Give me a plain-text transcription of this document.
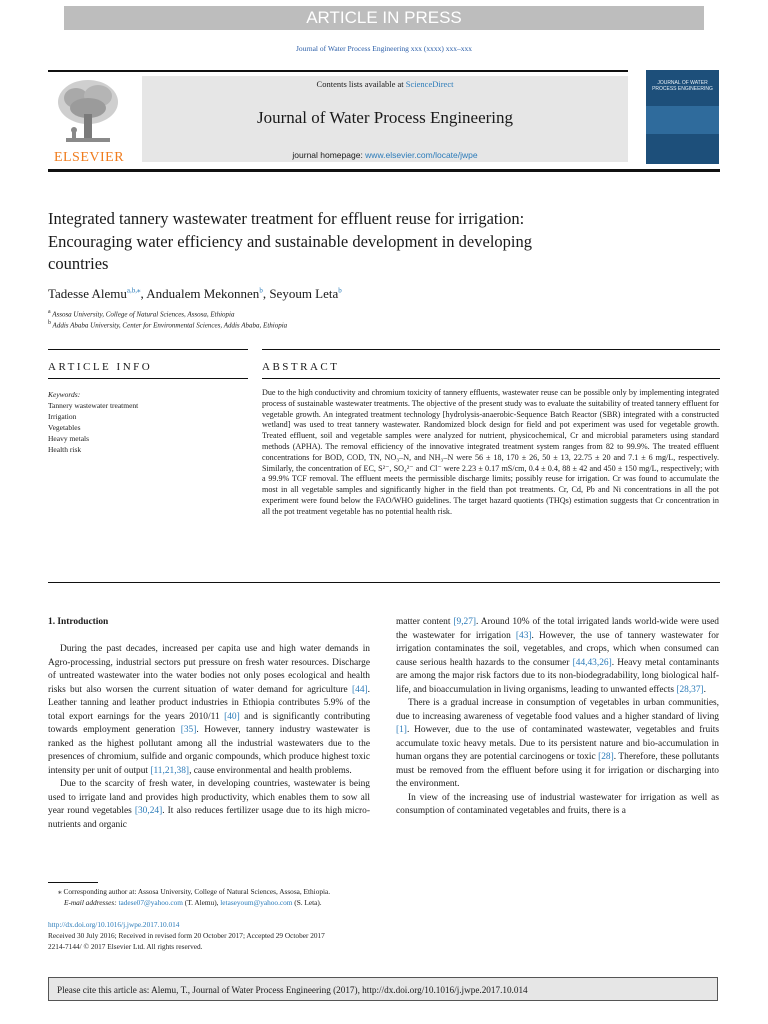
ARTICLE IN PRESS
Journal of Water Process Engineering xxx (xxxx) xxx–xxx
ELSEVIER
Contents lists available at ScienceDirect
Journal of Water Process Engineering
journal homepage: www.elsevier.com/locate/jwpe
JOURNAL OF WATER PROCESS ENGINEERING
Integrated tannery wastewater treatment for effluent reuse for irrigation:
Encouraging water efficiency and sustainable development in developing
countries
Tadesse Alemu$^{a,b,⁎}$, Andualem Mekonnen$^b$, Seyoum Leta$^b$
$^a$ Assosa University, College of Natural Sciences, Assosa, Ethiopia
$^b$ Addis Ababa University, Center for Environmental Sciences, Addis Ababa, Ethiopia
ARTICLE INFO	ABSTRACT
Keywords:
Tannery wastewater treatment
Irrigation
Vegetables
Heavy metals
Health risk

Due to the high conductivity and chromium toxicity of tannery effluents, wastewater reuse can be possible only by implementing integrated process of sustainable wastewater treatments. The objective of the present study was to evaluate the suitability of treated tannery effluent for vegetable growth. An integrated treatment technology [hydrolysis-anaerobic-Sequence Batch Reactor (SBR) integrated with a constructed wetland] was used to treat tannery wastewater. Randomized block design for field and pot experiment was used for vegetable growth. Treated effluent, soil and vegetable samples were analyzed for nutrient, physicochemical, Cr and microbial parameters using standard methods (APHA). The removal efficiency of the innovative integrated treatment system ranges from 82 to 99.9%. The treated effluent concentrations for BOD, COD, TN, NO₃–N, and NH₃–N were 56 ± 18, 170 ± 26, 50 ± 13, 22.75 ± 20 and 7.1 ± 6 mg/L, respectively. Similarly, the concentration of EC, S²⁻, SO₄²⁻ and Cl⁻ were 2.23 ± 0.17 mS/cm, 0.4 ± 0.4, 88 ± 42 and 450 ± 150 mg/L, respectively; with a 99.9% TCF removal. The effluent meets the permissible discharge limits; possibly reuse for irrigation. Cr was found to accumulate the most in all vegetable samples and significantly higher in the field than pot treatments. Cr, Cd, Pb and Ni concentrations in all the pot experiment were found below the FAO/WHO guidelines. The target hazard quotients (THQs) estimation suggests that Cr concentration in all the pot treatment vegetable has no potential health risk.

1. Introduction

During the past decades, increased per capita use and high water demands in Agro-processing, industrial sectors put pressure on fresh water resources. Discharge of untreated wastewater into the water bodies not only poses ecological and health risks but also worsen the current situation of water demand for agriculture [44]. Leather tanning and leather product industries in Ethiopia contributes 5.9% of the total export earnings for the years 2010/11 [40] and is significantly contributing towards employment generation [35]. However, tannery industry wastewater is ranked as the highest pollutant among all the industrial wastewaters due to the presences of chromium, sulfide and organic compounds, which produce highest toxic intensity per unit of output [11,21,38], cause environmental and health problems.

Due to the scarcity of fresh water, in developing countries, wastewater is being used to irrigate land and provides high productivity, which enables them to sow all year round vegetables [30,24]. It also reduces fertilizer usage due to its high micro-nutrients and organic

matter content [9,27]. Around 10% of the total irrigated lands world-wide were used the wastewater for irrigation [43]. However, the use of tannery wastewater for irrigation contaminates the soil, vegetables, and crops, which when consumed can cause serious health hazards to the consumer [44,43,26]. Heavy metal contaminants are among the major risk factors due to its non-biodegradability, long biological half-life, and bioaccumulation in living organisms, leading to unwanted effects [28,37].

There is a gradual increase in consumption of vegetables in urban communities, due to increasing awareness of vegetable food values and a higher standard of living [1]. However, due to the use of contaminated wastewater, vegetables and fruits accumulate toxic heavy metals. Due to its persistent nature and bio-accumulation in human organs they are potential carcinogens or toxic [28]. Therefore, these pollutants must be removed from the effluent before using it for irrigation or discharging into the environment.

In view of the increasing use of industrial wastewater for irrigation as well as consumption of contaminated vegetables and fruits, there is a

⁎ Corresponding author at: Assosa University, College of Natural Sciences, Assosa, Ethiopia.
E-mail addresses: tadese07@yahoo.com (T. Alemu), letaseyoum@yahoo.com (S. Leta).
http://dx.doi.org/10.1016/j.jwpe.2017.10.014
Received 30 July 2016; Received in revised form 20 October 2017; Accepted 29 October 2017
2214-7144/ © 2017 Elsevier Ltd. All rights reserved.
Please cite this article as: Alemu, T., Journal of Water Process Engineering (2017), http://dx.doi.org/10.1016/j.jwpe.2017.10.014
